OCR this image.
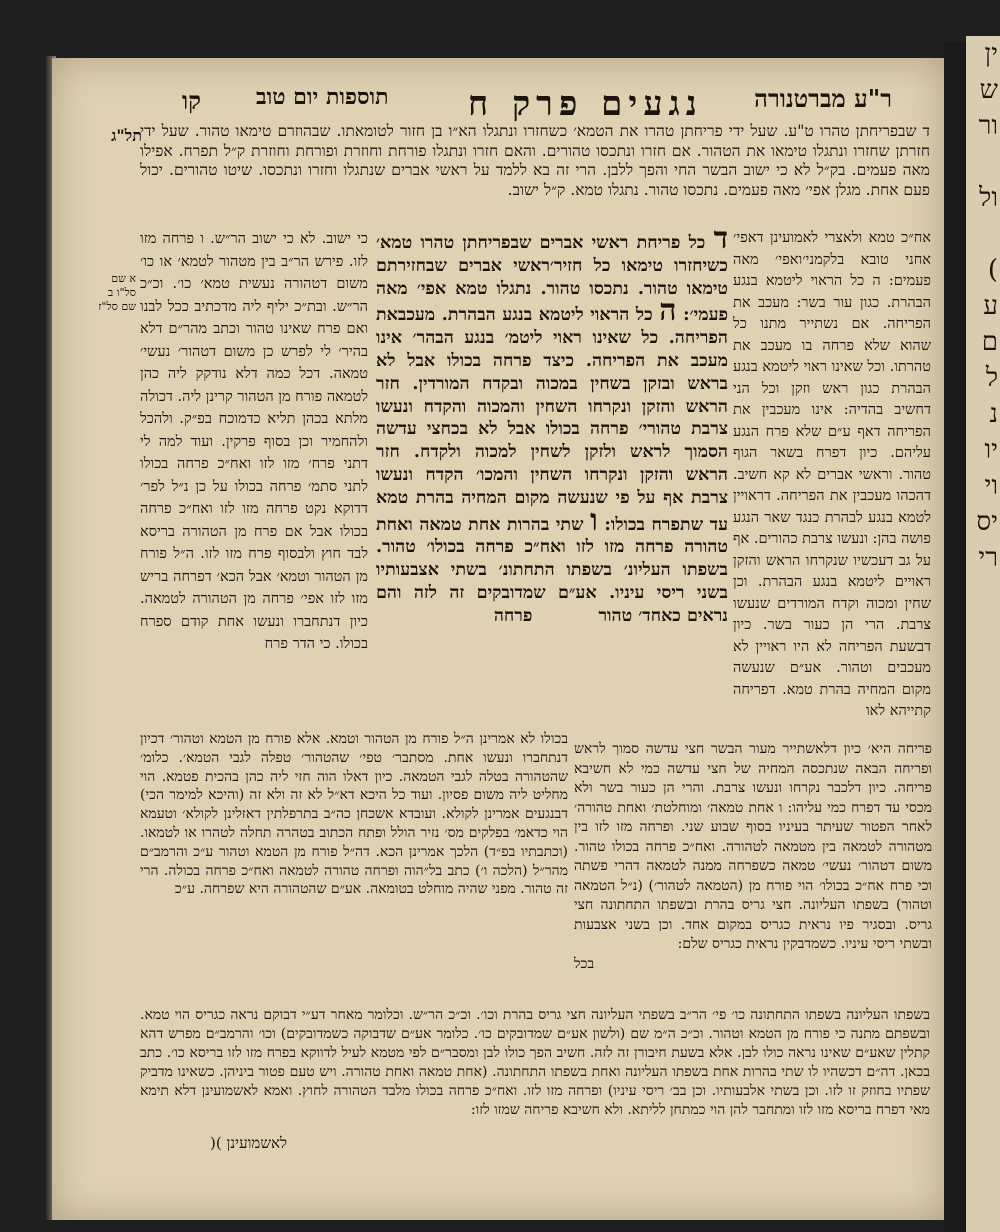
ין
ש
ור

ול

)
ע
ם
ל
נ
יו
וי
יס
רי
ר"ע מברטנורה
נגעים פרק ח
תוספות יום טוב
קו
תל"ג
א שם סל"ו ב שם סל"ז

ד שבפריחתן טהרו ט"ע. שעל ידי פריחתן טהרו את הטמא׳ כשחזרו ונתגלו הא״ו בן חזור לטומאתו. שבהוזרם טימאו טהור. שעל ידי חזרתן שחזרו ונתגלו טימאו את הטהור. אם חזרו ונתכסו טהורים. והאם חזרו ונתגלו פורחת וחוזרת ופורחת וחוזרת ק״ל תפרח. אפילו מאה פעמים. בק״ל לא כי ישוב הבשר החי והפך ללבן. הרי זה בא ללמד על ראשי אברים שנתגלו וחזרו ונתכסו. שיטו טהורים. יכול פעם אחת. מגלן אפי׳ מאה פעמים. נתכסו טהור. נתגלו טמא. ק״ל ישוב.

אח״כ טמא ולאצרי לאמועינן דאפי׳ אחני טובא בלקמני׳ואפי׳ מאה פעמים: ה כל הראוי ליטמא בנגע הבהרת. כגון עור בשר: מעכב את הפריחה. אם נשתייר מתנו כל שהוא שלא פרחה בו מעכב את טהרתו. וכל שאינו ראוי ליטמא בנגע הבהרת כגון ראש וזקן וכל הני דחשיב בהדיה: אינו מעכבין את הפריחה דאף ע״ם שלא פרח הנגע עליהם. כיון דפרח בשאר הגוף טהור. וראשי אברים לא קא חשיב. דהכהו מעכבין את הפריחה. דראויין לטמא בנגע לבהרת כנגד שאר הנגע פושה בהן: ונעשו צרבת כהורים. אף על גב דעכשיו שנקרחו הראש והזקן ראויים ליטמא בנגע הבהרת. וכן שחין ומכוה וקדח המורדים שנעשו צרבת. הרי הן כעור בשר. כיון דבשעת הפריחה לא היו ראויין לא מעכבים וטהור. אע״ם שנעשה מקום המחיה בהרת טמא. דפריחה קתייהא לאו

ד כל פריחת ראשי אברים שבפריחתן טהרו טמא׳ כשיחזרו טימאו כל חזיר׳ראשי אברים שבחזירתם טימאו טהור. נתכסו טהור. נתגלו טמא אפי׳ מאה פעמי׳: ה כל הראוי ליטמא בנגע הבהרת. מעכבאת הפריחה. כל שאינו ראוי ליטמ׳ בנגע הבהר׳ אינו מעכב את הפריחה. כיצד פרחה בכולו אבל לא בראש ובזקן בשחין במכוה ובקדח המורדין. חזר הראש והזקן ונקרחו השחין והמכוה והקדח ונעשו צרבת טהורי׳ פרחה בכולו אבל לא בכחצי עדשה הסמוך לראש ולזקן לשחין למכוה ולקדח. חזר הראש והזקן ונקרחו השחין והמכו׳ הקדח ונעשו צרבת אף על פי שנעשה מקום המחיה בהרת טמא עד שתפרח בכולו: ו שתי בהרות אחת טמאה ואחת טהורה פרחה מזו לזו ואח״כ פרחה בכולו׳ טהור. בשפתו העליונ׳ בשפתו התחתונ׳ בשתי אצבעותיו בשני ריסי עיניו. אע״ם שמדובקים זה לזה והם נראים כאחד׳ טהור פרחה

כי ישוב. לא כי ישוב הר״ש. ו פרחה מזו לזו. פירש הר״ב בין מטהור לטמא׳ או כו׳ משום דטהורה נעשית טמא׳ כו׳. וכ״כ הר״ש. ובת״כ יליף ליה מדכתיב ככל לבנו ואם פרח שאינו טהור וכתב מהר״ם דלא בהיר׳ לי לפרש כן משום דטהור׳ נעשי׳ טמאה. דכל כמה דלא נודקק ליה כהן לטמאה פורח מן הטהור קרינן ליה. דכולה מלתא בכהן תליא כדמוכח בפ״ק. ולהכל ולהחמיר וכן בסוף פרקין. ועוד למה לי דתני פרח׳ מזו לזו ואח״כ פרחה בכולו לתני סתמ׳ פרחה בכולו על כן נ״ל לפר׳ דדוקא נקט פרחה מזו לזו ואח״כ פרחה בכולו אבל אם פרח מן הטהורה בריסא לבד חוץ ולבסוף פרח מזו לזו. ה״ל פורח מן הטהור וטמא׳ אבל הכא׳ דפרחה בריש מזו לזו אפי׳ פרחה מן הטהורה לטמאה. כיון דנתחברו ונעשו אחת קודם ספרח בכולו. כי הדר פרח

פריחה היא׳ כיון דלאשתייר מעור הבשר חצי עדשה סמוך לראש ופריחה הבאה שנתכסה המחיה של חצי עדשה כמי לא חשיבא פריחה. כיון דלכבר נקרחו ונעשו צרבת. והרי הן כעור בשר ולא מכסי עד דפרח כמי עליהו: ו אחת טמאה׳ ומוחלטת׳ ואחת טהורה׳ לאחר הפטור שעיתר בעיניו בסוף שבוע שני. ופרחה מזו לזו בין מטהורה לטמאה בין מטמאה לטהורה. ואח״כ פרחה בכולו טהור. משום דטהור׳ נעשי׳ טמאה כשפרחה ממנה לטמאה דהרי פשתה וכי פרח אח״כ בכולו׳ הוי פורח מן (הטמאה לטהור׳) (נ״ל הטמאה וטהור) בשפתו העליונה. חצי גריס בהרת ובשפתו התחתונה חצי גריס. ובסגיר פיו נראית כגריס במקום אחד. וכן בשני אצבעות ובשתי ריסי עיניו. כשמדבקין נראית כגריס שלם:

בכל

בכולו לא אמרינן ה״ל פורח מן הטהור וטמא. אלא פורח מן הטמא וטהור׳ דכיון דנתחברו ונעשו אחת. מסתבר׳ טפי׳ שהטהור׳ טפלה לגבי הטמא׳. כלומ׳ שהטהורה בטלה לגבי הטמאה. כיון דאלו הוה חזי ליה כהן בהכית פטמא. הוי מחליט ליה משום פסיון. ועוד כל היכא דא״ל לא זה ולא זה (והיכא למימר הכי) דבנגעים אמרינן לקולא. ועובדא אשכחן כה״ב בתרפלתין דאזלינן לקולא׳ וטעמא הוי כדאמ׳ בפלקים מס׳ נזיר הולל ופתח הכתוב בטהרה תחלה לטהרו או לטמאו. (וכתבתיו בפ״ד) הלכך אמרינן הכא. דה״ל פורח מן הטמא וטהור ע״כ והרמב״ם מהר״ל (הלכה ו׳) כתב בל״הוה ופרחה טהורה לטמאה ואח״כ פרחה בכולה. הרי זה טהור. מפני שהיה מוחלט בטומאה. אע״ם שהטהורה היא שפרחה. ע״כ

בשפתו העליונה בשפתו התחתונה כו׳ פי׳ הר״ב בשפתי העליונה חצי גריס בהרת וכו׳. וכ״כ הר״ש. וכלומר מאחר דע״י דבוקם נראה כגריס הוי טמא. ובשפתם מתנה כי פורח מן הטמא וטהור. וכ״כ ה״מ שם (ולשון אע״ם שמדובקים כו׳. כלומר אע״ם שדבוקה כשמדובקים) וכו׳ והרמב״ם מפרש דהא קתלין שאע״ם שאינו נראה כולו לבן. אלא בשעת חיבורן זה לזה. חשיב הפך כולו לבן ומסבר״ם לפי מטמא לעיל לדווקא בפרח מזו לזו בריסא כו׳. כתב בכאן. דה״ם דכשהיו לו שתי בהרות אחת בשפתו העליונה ואחת בשפתו התחתונה. (אחת טמאה ואחת טהורה. ויש טעם פטור ביניהן. כשאינו מדביק שפתיו בחוזק זו לזו. וכן בשתי אלבעותיו. וכן בב׳ ריסי עיניו) ופרחה מזו לזו. ואח״כ פרחה בכולו מלבד הטהורה לחוץ. ואמא לאשמועינן דלא תימא מאי דפרח בריסא מזו לזו ומתחבר להן הוי כמתחן לליתא. ולא חשיבא פריחה שמזו לזו:

לאשמועינן )(
